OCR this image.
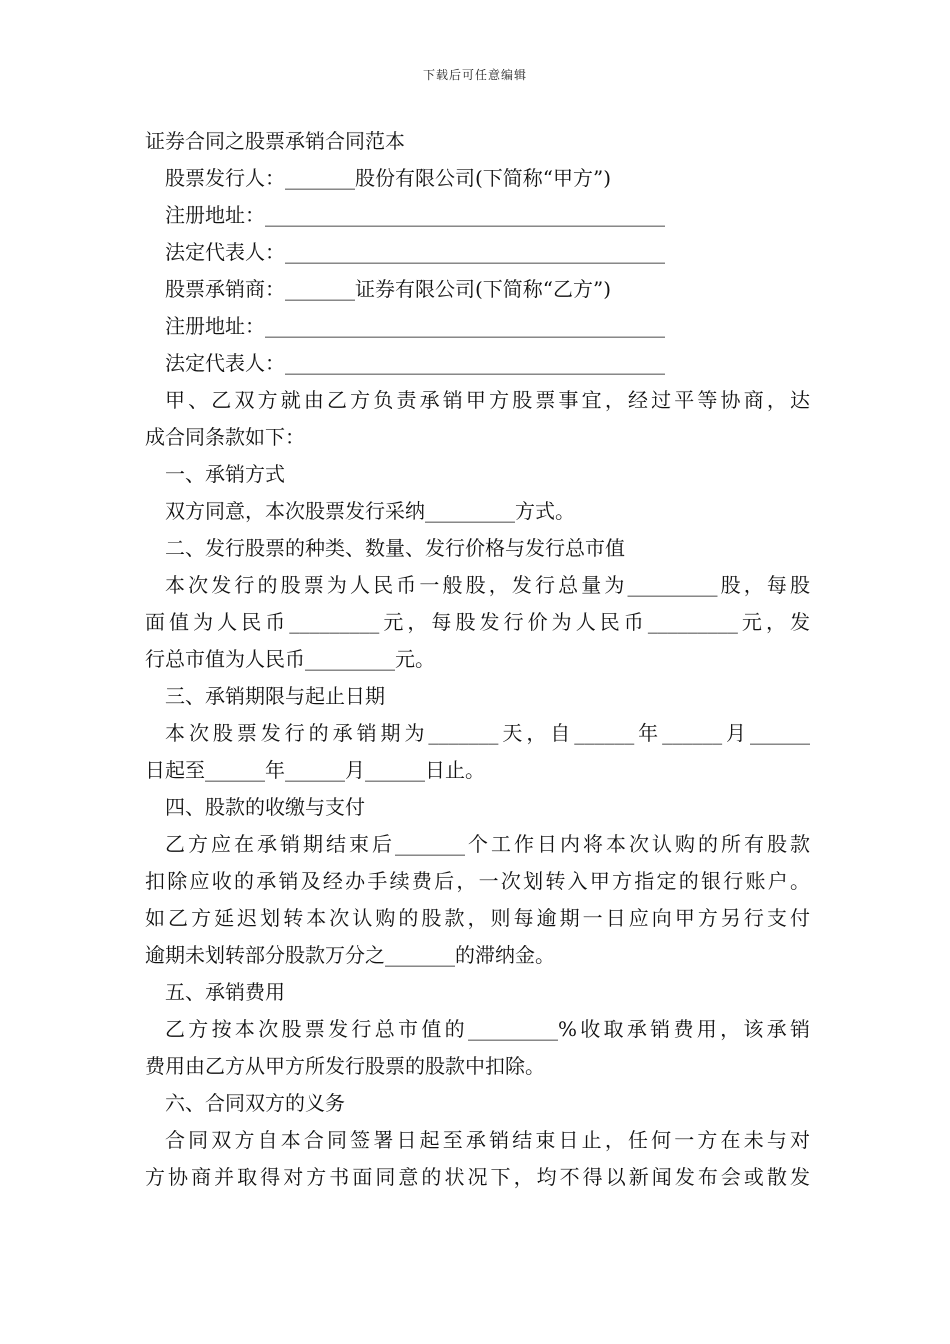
下载后可任意编辑
证券合同之股票承销合同范本
股票发行人：_______股份有限公司(下简称“甲方”)
注册地址：________________________________________
法定代表人：______________________________________
股票承销商：_______证券有限公司(下简称“乙方”)
注册地址：________________________________________
法定代表人：______________________________________
甲、乙双方就由乙方负责承销甲方股票事宜，经过平等协商，达
成合同条款如下：
一、承销方式
双方同意，本次股票发行采纳_________方式。
二、发行股票的种类、数量、发行价格与发行总市值
本次发行的股票为人民币一般股，发行总量为_________股，每股
面值为人民币_________元，每股发行价为人民币_________元，发
行总市值为人民币_________元。
三、承销期限与起止日期
本次股票发行的承销期为_______天，自______年______月______
日起至______年______月______日止。
四、股款的收缴与支付
乙方应在承销期结束后_______个工作日内将本次认购的所有股款
扣除应收的承销及经办手续费后，一次划转入甲方指定的银行账户。
如乙方延迟划转本次认购的股款，则每逾期一日应向甲方另行支付
逾期未划转部分股款万分之_______的滞纳金。
五、承销费用
乙方按本次股票发行总市值的_________%收取承销费用，该承销
费用由乙方从甲方所发行股票的股款中扣除。
六、合同双方的义务
合同双方自本合同签署日起至承销结束日止，任何一方在未与对
方协商并取得对方书面同意的状况下，均不得以新闻发布会或散发
